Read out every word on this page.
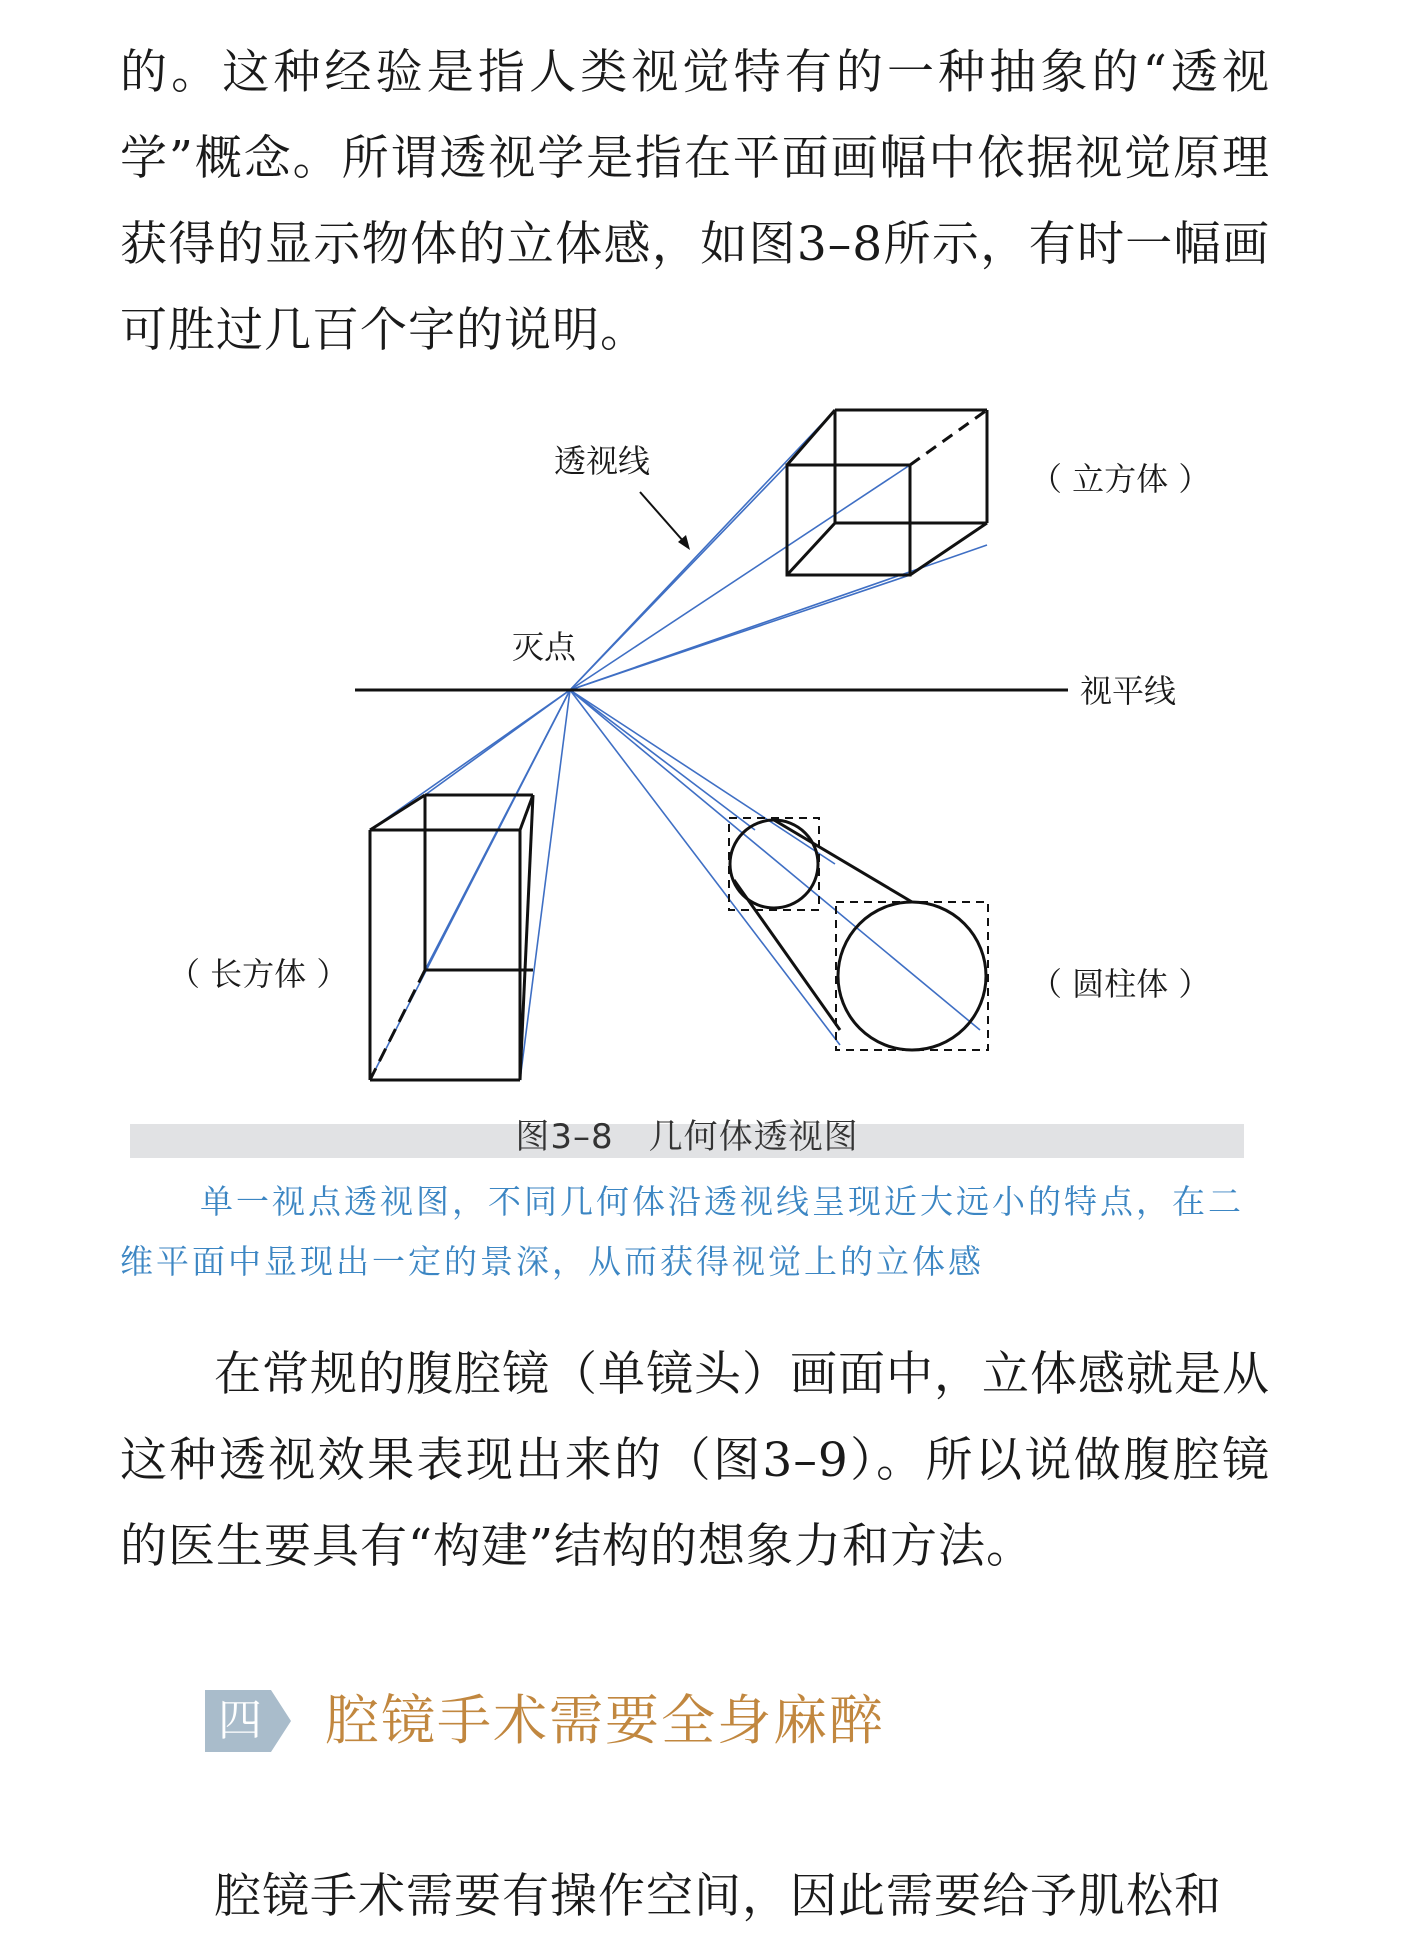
的。这种经验是指人类视觉特有的一种抽象的“透视学”概念。所谓透视学是指在平面画幅中依据视觉原理获得的显示物体的立体感，如图3–8所示，有时一幅画可胜过几百个字的说明。

透视线
灭点
视平线
（ 立方体 ）
（ 长方体 ）	（ 圆柱体 ）
图3–8　几何体透视图

单一视点透视图，不同几何体沿透视线呈现近大远小的特点，在二维平面中显现出一定的景深，从而获得视觉上的立体感

在常规的腹腔镜（单镜头）画面中，立体感就是从这种透视效果表现出来的（图3–9）。所以说做腹腔镜的医生要具有“构建”结构的想象力和方法。

四 腔镜手术需要全身麻醉

腔镜手术需要有操作空间，因此需要给予肌松和
